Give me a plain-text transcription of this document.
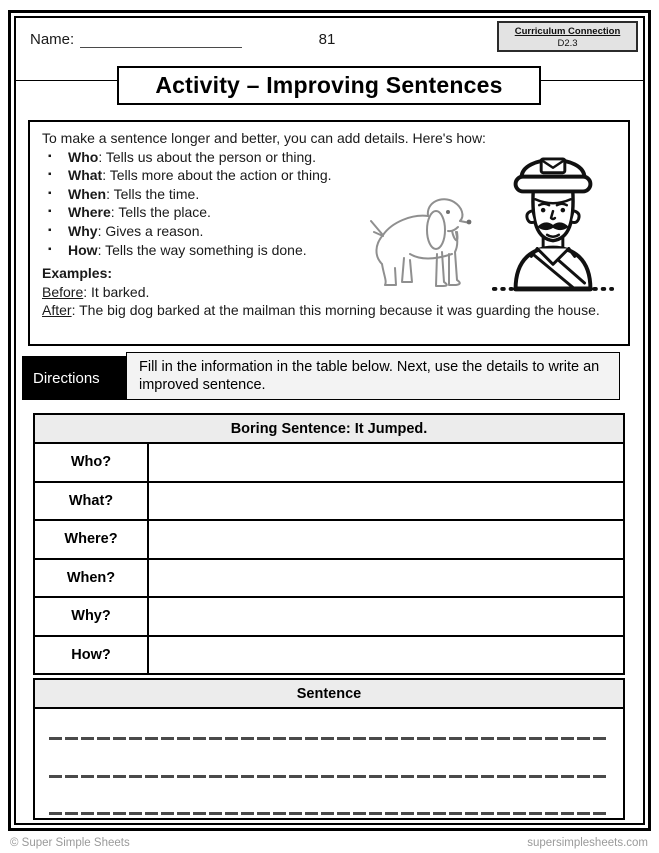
Name:	81	Curriculum Connection
D2.3
Activity – Improving Sentences
To make a sentence longer and better, you can add details. Here's how:
▪	Who : Tells us about the person or thing.
▪	What : Tells more about the action or thing.
▪	When : Tells the time.
▪	Where : Tells the place.
▪	Why : Gives a reason.
▪	How : Tells the way something is done.
Examples:
Before: It barked.
After: The big dog barked at the mailman this morning because it was guarding the house.
Directions
Fill in the information in the table below. Next, use the details to write an improved sentence.
Boring Sentence: It Jumped.
Who?
What?
Where?
When?
Why?
How?
Sentence
© Super Simple Sheets	supersimplesheets.com
